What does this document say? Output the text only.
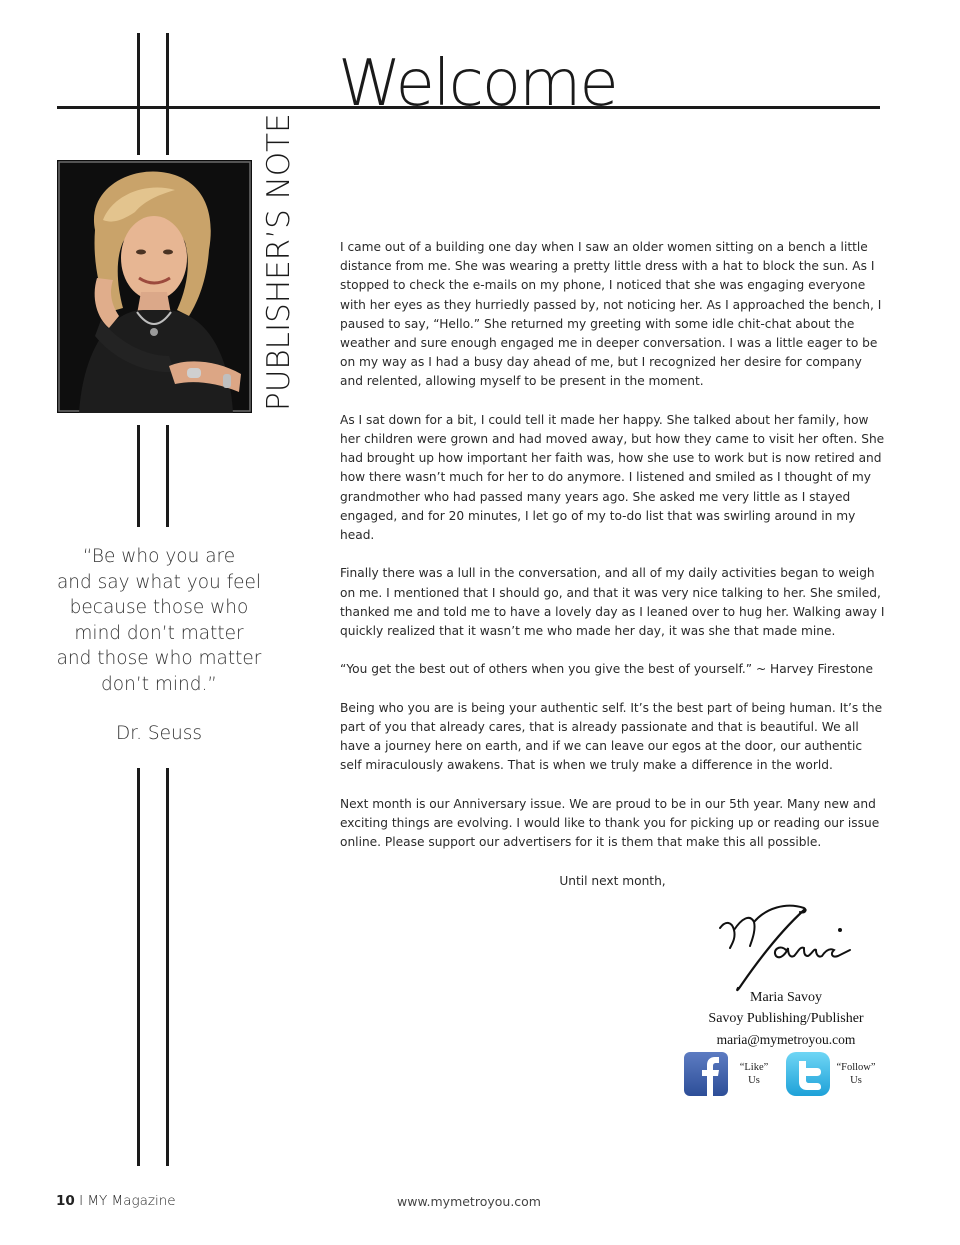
Welcome
PUBLISHER’S NOTE

“Be who you are

and say what you feel

because those who

mind don’t matter

and those who matter

don’t mind.”

Dr. Seuss

I came out of a building one day when I saw an older women sitting on a bench a little distance from me. She was wearing a pretty little dress with a hat to block the sun. As I stopped to check the e-mails on my phone, I noticed that she was engaging everyone with her eyes as they hurriedly passed by, not noticing her. As I approached the bench, I paused to say, “Hello.” She returned my greeting with some idle chit-chat about the weather and sure enough engaged me in deeper conversation. I was a little eager to be on my way as I had a busy day ahead of me, but I recognized her desire for company and relented, allowing myself to be present in the moment.

As I sat down for a bit, I could tell it made her happy. She talked about her family, how her children were grown and had moved away, but how they came to visit her often. She had brought up how important her faith was, how she use to work but is now retired and how there wasn’t much for her to do anymore. I listened and smiled as I thought of my grandmother who had passed many years ago. She asked me very little as I stayed engaged, and for 20 minutes, I let go of my to-do list that was swirling around in my head.

Finally there was a lull in the conversation, and all of my daily activities began to weigh on me. I mentioned that I should go, and that it was very nice talking to her. She smiled, thanked me and told me to have a lovely day as I leaned over to hug her. Walking away I quickly realized that it wasn’t me who made her day, it was she that made mine.

“You get the best out of others when you give the best of yourself.” ~ Harvey Firestone

Being who you are is being your authentic self. It’s the best part of being human. It’s the part of you that already cares, that is already passionate and that is beautiful. We all have a journey here on earth, and if we can leave our egos at the door, our authentic self miraculously awakens. That is when we truly make a difference in the world.

Next month is our Anniversary issue. We are proud to be in our 5th year. Many new and exciting things are evolving. I would like to thank you for picking up or reading our issue online. Please support our advertisers for it is them that make this all possible.

Until next month,

Maria Savoy
Savoy Publishing/Publisher
maria@mymetroyou.com
“Like”
Us
“Follow”
Us
10 I MY Magazine	www.mymetroyou.com
